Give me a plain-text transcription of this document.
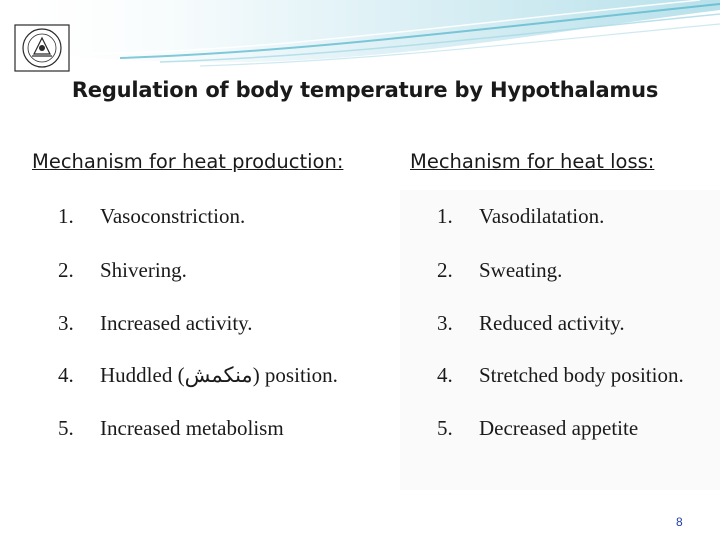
Regulation of body temperature by Hypothalamus
Mechanism for heat production:	Mechanism for heat loss:
1. Vasoconstriction.
2. Shivering.
3. Increased activity.
4. Huddled (منكمش) position.
5. Increased metabolism
1. Vasodilatation.
2. Sweating.
3. Reduced activity.
4. Stretched body position.
5. Decreased appetite
8
